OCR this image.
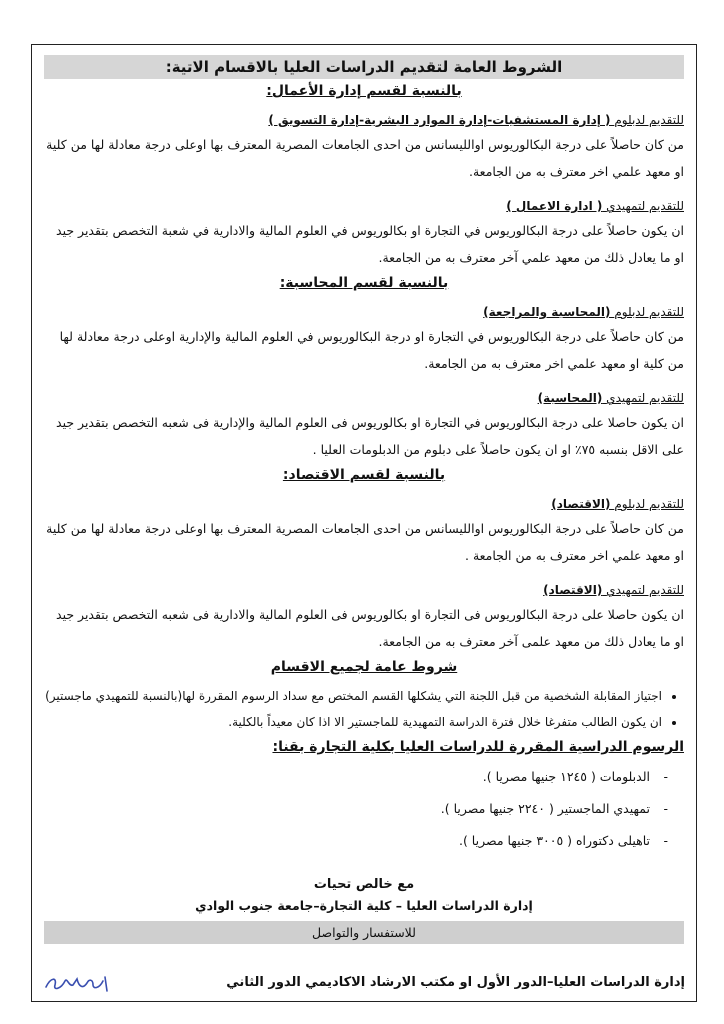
الشروط العامة لتقديم الدراسات العليا بالاقسام الاتية:
بالنسبة لقسم إدارة الأعمال:
للتقديم لدبلوم ( إدارة المستشفيات-إدارة الموارد البشرية-إدارة التسويق )

من كان حاصلاً على درجة البكالوريوس اوالليسانس من احدى الجامعات المصرية المعترف بها اوعلى درجة معادلة لها من كلية او معهد علمي اخر معترف به من الجامعة.

للتقديم لتمهيدي ( ادارة الاعمال )

ان يكون حاصلاً على درجة البكالوريوس في التجارة او بكالوريوس في العلوم المالية والادارية في شعبة التخصص بتقدير جيد او ما يعادل ذلك من معهد علمي آخر معترف به من الجامعة.

بالنسبة لقسم المحاسبة:
للتقديم لدبلوم (المحاسبة والمراجعة)

من كان حاصلاً على درجة البكالوريوس في التجارة او درجة البكالوريوس في العلوم المالية والإدارية اوعلى درجة معادلة لها من كلية او معهد علمي اخر معترف به من الجامعة.

للتقديم لتمهيدي (المحاسبة)

ان يكون حاصلا على درجة البكالوريوس في التجارة او بكالوريوس فى العلوم المالية والإدارية فى شعبه التخصص بتقدير جيد على الاقل بنسبه ٧٥٪ او ان يكون حاصلاً على دبلوم من الدبلومات العليا .

بالنسبة لقسم الاقتصاد:
للتقديم لدبلوم (الاقتصاد)

من كان حاصلاً على درجة البكالوريوس اوالليسانس من احدى الجامعات المصرية المعترف بها اوعلى درجة معادلة لها من كلية او معهد علمي اخر معترف به من الجامعة .

للتقديم لتمهيدي (الاقتصاد)

ان يكون حاصلا على درجة البكالوريوس فى التجارة او بكالوريوس فى العلوم المالية والادارية فى شعبه التخصص بتقدير جيد او ما يعادل ذلك من معهد علمى آخر معترف به من الجامعة.

شروط عامة لجميع الاقسام
• اجتياز المقابلة الشخصية من قبل اللجنة التي يشكلها القسم المختص مع سداد الرسوم المقررة لها(بالنسبة للتمهيدي ماجستير)
• ان يكون الطالب متفرغا خلال فترة الدراسة التمهيدية للماجستير الا اذا كان معيداً بالكلية.
الرسوم الدراسية المقررة للدراسات العليا بكلية التجارة بقنا:
- الدبلومات ( ١٢٤٥ جنيها مصريا ).
- تمهيدي الماجستير ( ٢٢٤٠ جنيها مصريا ).
- تاهيلى دكتوراه ( ٣٠٠٥ جنيها مصريا ).
مع خالص تحيات
إدارة الدراسات العليا – كلية التجارة–جامعة جنوب الوادي
للاستفسار والتواصل
إدارة الدراسات العليا–الدور الأول او مكتب الارشاد الاكاديمي الدور الثاني
